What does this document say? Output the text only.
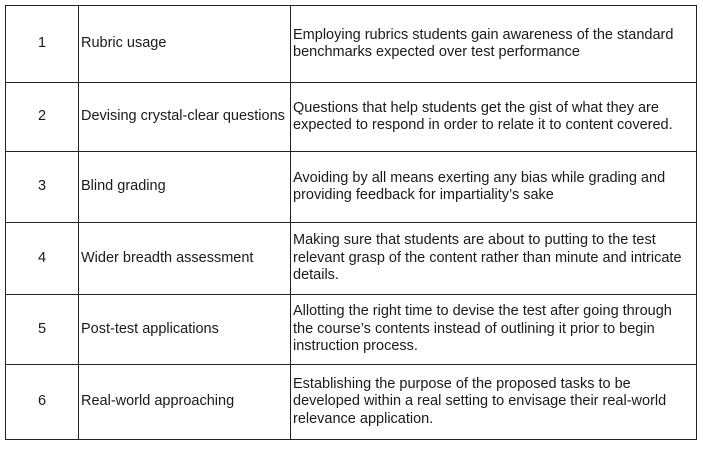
1	Rubric usage	Employing rubrics students gain awareness of the standard benchmarks expected over test performance
2	Devising crystal-clear questions	Questions that help students get the gist of what they are expected to respond in order to relate it to content covered.
3	Blind grading	Avoiding by all means exerting any bias while grading and providing feedback for impartiality’s sake
4	Wider breadth assessment	Making sure that students are about to putting to the test relevant grasp of the content rather than minute and intricate details.
5	Post-test applications	Allotting the right time to devise the test after going through the course’s contents instead of outlining it prior to begin instruction process.
6	Real-world approaching	Establishing the purpose of the proposed tasks to be developed within a real setting to envisage their real-world relevance application.
